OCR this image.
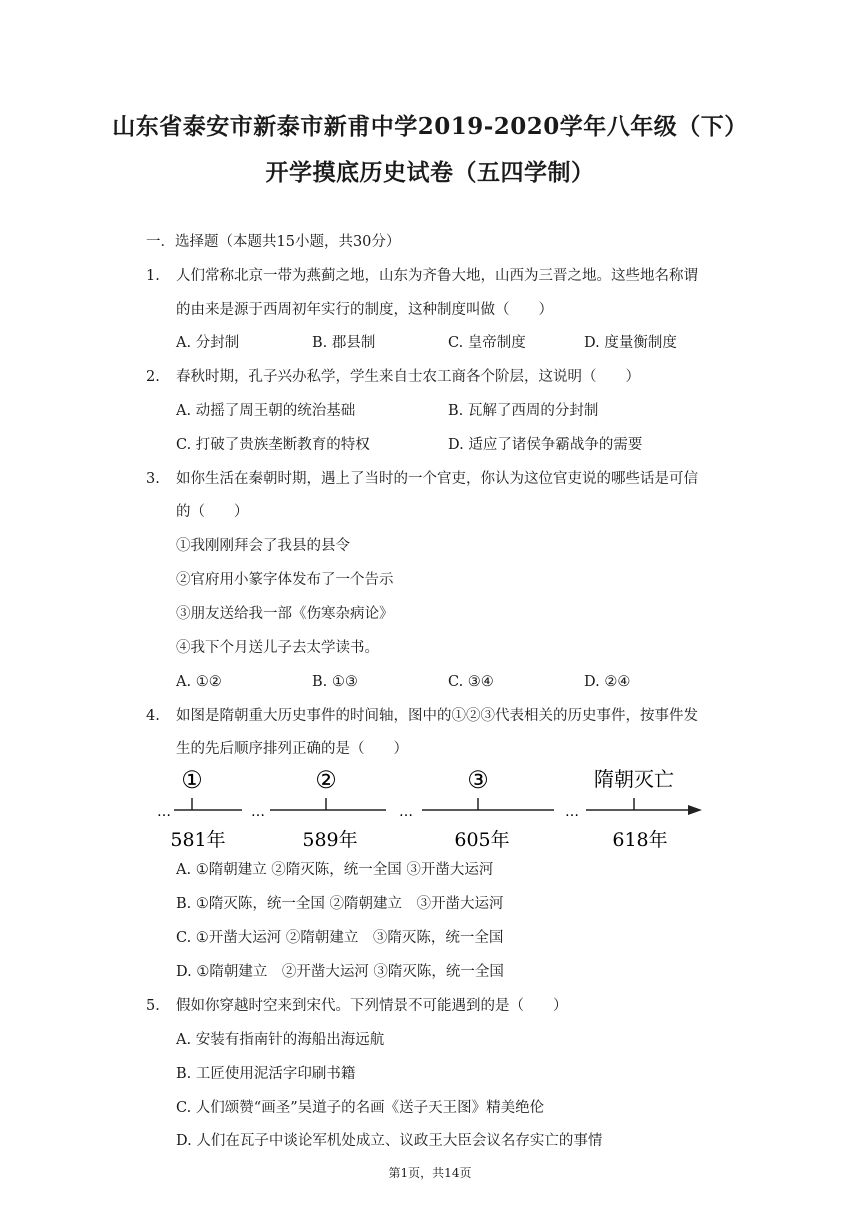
山东省泰安市新泰市新甫中学2019-2020学年八年级（下）
开学摸底历史试卷（五四学制）
一．选择题（本题共15小题，共30分）
1. 人们常称北京一带为燕蓟之地，山东为齐鲁大地，山西为三晋之地。这些地名称谓
的由来是源于西周初年实行的制度，这种制度叫做（　　）
A. 分封制	B. 郡县制	C. 皇帝制度	D. 度量衡制度
2. 春秋时期，孔子兴办私学，学生来自士农工商各个阶层，这说明（　　）
A. 动摇了周王朝的统治基础	B. 瓦解了西周的分封制
C. 打破了贵族垄断教育的特权	D. 适应了诸侯争霸战争的需要
3. 如你生活在秦朝时期，遇上了当时的一个官吏，你认为这位官吏说的哪些话是可信
的（　　）
①我刚刚拜会了我县的县令
②官府用小篆字体发布了一个告示
③朋友送给我一部《伤寒杂病论》
④我下个月送儿子去太学读书。
A. ①②	B. ①③	C. ③④	D. ②④
4. 如图是隋朝重大历史事件的时间轴，图中的①②③代表相关的历史事件，按事件发
生的先后顺序排列正确的是（　　）
①	②	③	隋朝灭亡
…	…	…	…
581年	589年	605年	618年
A. ①隋朝建立 ②隋灭陈，统一全国 ③开凿大运河
B. ①隋灭陈，统一全国 ②隋朝建立　③开凿大运河
C. ①开凿大运河 ②隋朝建立　③隋灭陈，统一全国
D. ①隋朝建立　②开凿大运河 ③隋灭陈，统一全国
5. 假如你穿越时空来到宋代。下列情景不可能遇到的是（　　）
A. 安装有指南针的海船出海远航
B. 工匠使用泥活字印刷书籍
C. 人们颂赞“画圣”吴道子的名画《送子天王图》精美绝伦
D. 人们在瓦子中谈论军机处成立、议政王大臣会议名存实亡的事情
第1页，共14页
